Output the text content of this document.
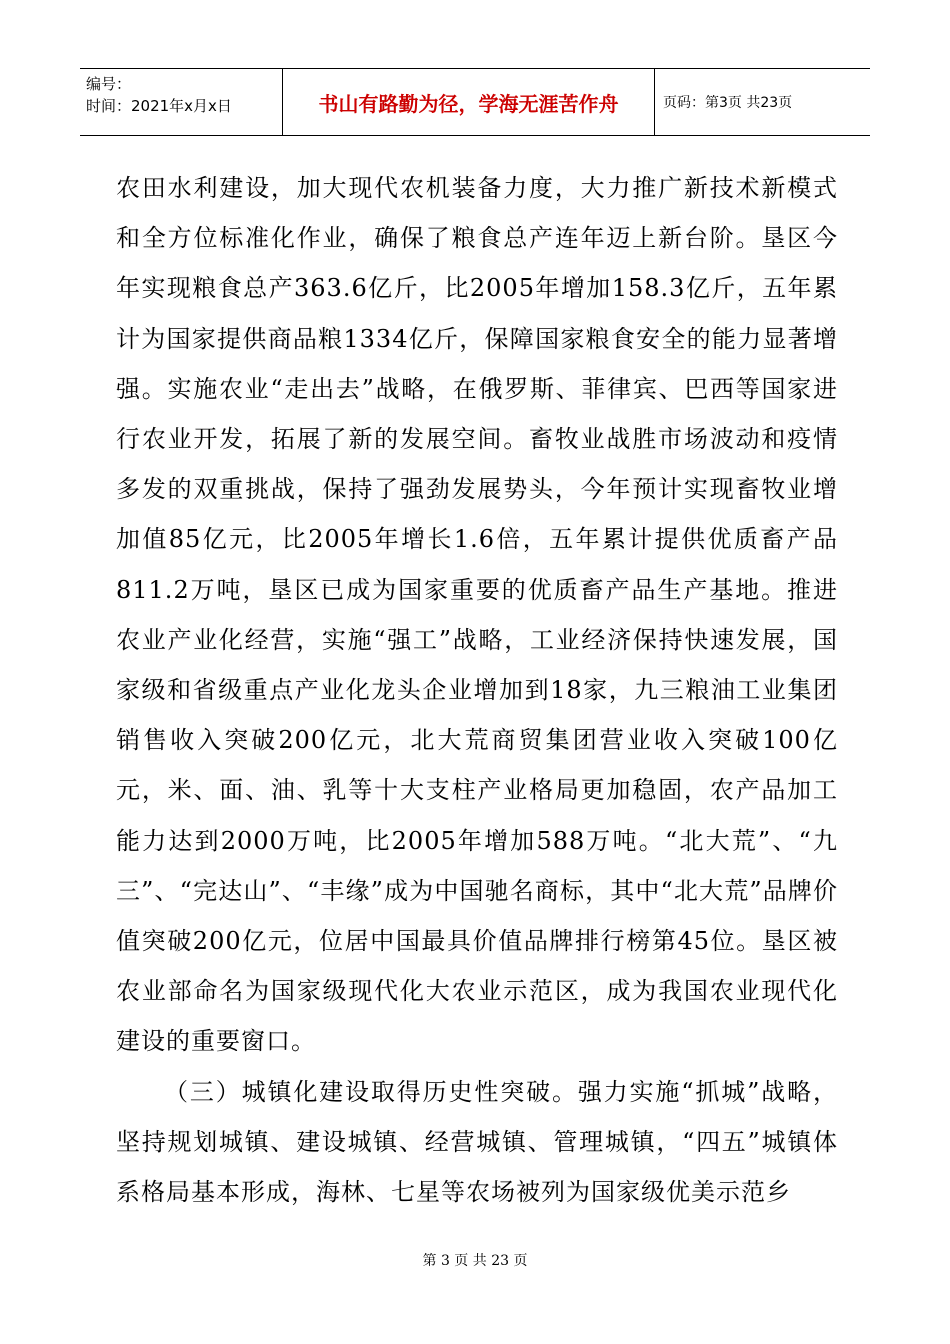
编号：
时间：2021年x月x日	书山有路勤为径，学海无涯苦作舟	页码：第3页 共23页

农田水利建设，加大现代农机装备力度，大力推广新技术新模式和全方位标准化作业，确保了粮食总产连年迈上新台阶。垦区今年实现粮食总产363.6亿斤，比2005年增加158.3亿斤，五年累计为国家提供商品粮1334亿斤，保障国家粮食安全的能力显著增强。实施农业“走出去”战略，在俄罗斯、菲律宾、巴西等国家进行农业开发，拓展了新的发展空间。畜牧业战胜市场波动和疫情多发的双重挑战，保持了强劲发展势头，今年预计实现畜牧业增加值85亿元，比2005年增长1.6倍，五年累计提供优质畜产品811.2万吨，垦区已成为国家重要的优质畜产品生产基地。推进农业产业化经营，实施“强工”战略，工业经济保持快速发展，国家级和省级重点产业化龙头企业增加到18家，九三粮油工业集团销售收入突破200亿元，北大荒商贸集团营业收入突破100亿元，米、面、油、乳等十大支柱产业格局更加稳固，农产品加工能力达到2000万吨，比2005年增加588万吨。“北大荒”、“九三”、“完达山”、“丰缘”成为中国驰名商标，其中“北大荒”品牌价值突破200亿元，位居中国最具价值品牌排行榜第45位。垦区被农业部命名为国家级现代化大农业示范区，成为我国农业现代化建设的重要窗口。

（三）城镇化建设取得历史性突破。强力实施“抓城”战略，坚持规划城镇、建设城镇、经营城镇、管理城镇，“四五”城镇体系格局基本形成，海林、七星等农场被列为国家级优美示范乡

第 3 页 共 23 页
